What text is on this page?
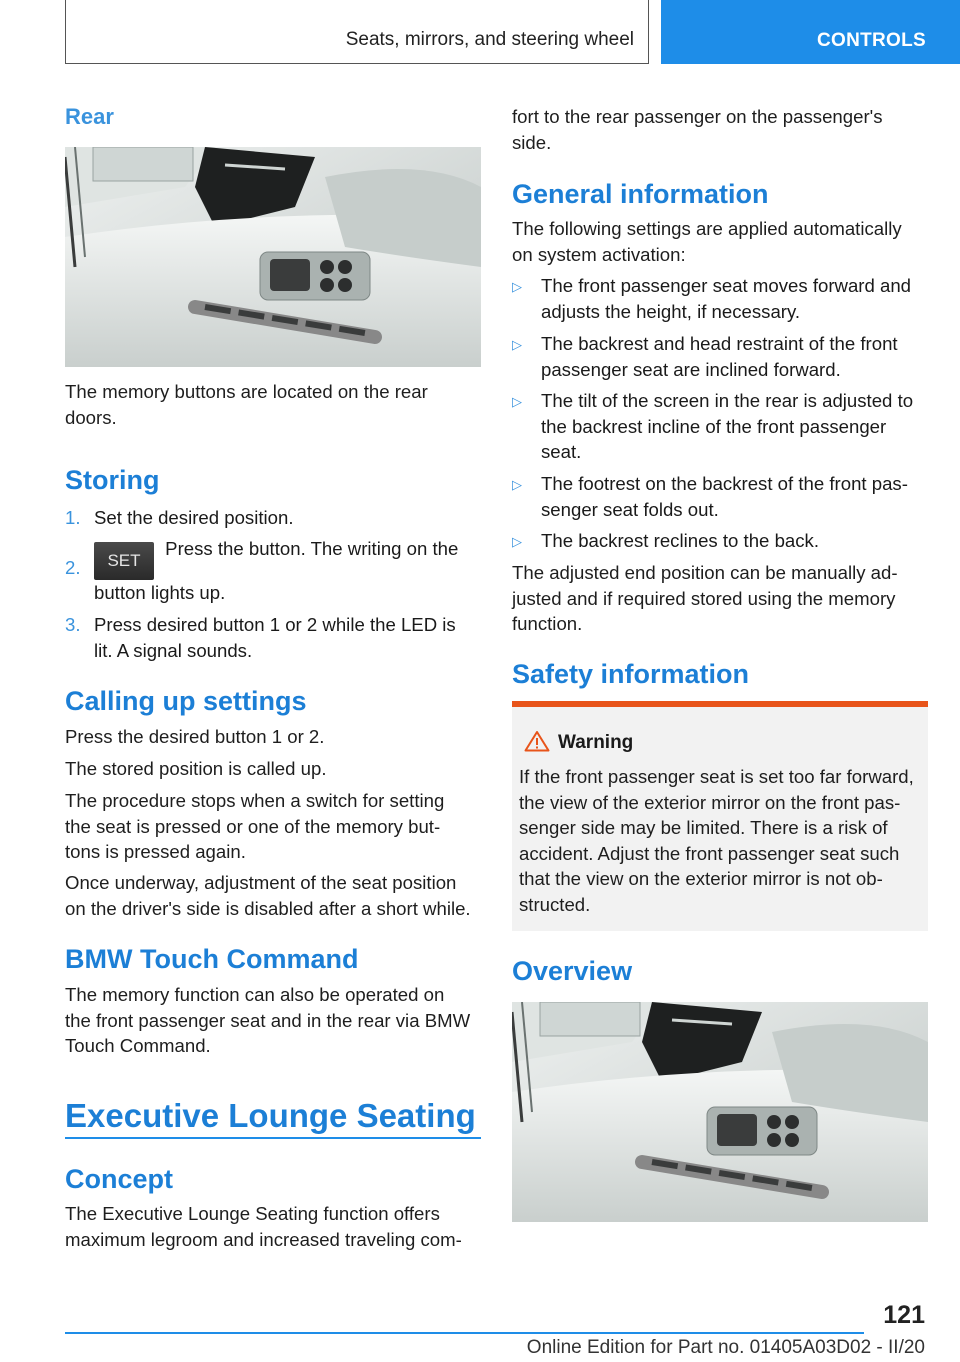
Seats, mirrors, and steering wheel	CONTROLS
Rear

The memory buttons are located on the rear
doors.

Storing
1. Set the desired position.
2.	SET Press the button. The writing on the
button lights up.
3. Press desired button 1 or 2 while the LED is
lit. A signal sounds.
Calling up settings

Press the desired button 1 or 2.

The stored position is called up.

The procedure stops when a switch for setting
the seat is pressed or one of the memory but-
tons is pressed again.

Once underway, adjustment of the seat position
on the driver's side is disabled after a short while.

BMW Touch Command

The memory function can also be operated on
the front passenger seat and in the rear via BMW
Touch Command.

Executive Lounge Seating
Concept

The Executive Lounge Seating function offers
maximum legroom and increased traveling com-

fort to the rear passenger on the passenger's
side.

General information

The following settings are applied automatically
on system activation:

▷ The front passenger seat moves forward and
adjusts the height, if necessary.
▷ The backrest and head restraint of the front
passenger seat are inclined forward.
▷ The tilt of the screen in the rear is adjusted to
the backrest incline of the front passenger
seat.
▷ The footrest on the backrest of the front pas-
senger seat folds out.
▷ The backrest reclines to the back.

The adjusted end position can be manually ad-
justed and if required stored using the memory
function.

Safety information
Overview
Warning
If the front passenger seat is set too far forward,
the view of the exterior mirror on the front pas-
senger side may be limited. There is a risk of
accident. Adjust the front passenger seat such
that the view on the exterior mirror is not ob-
structed.
121
Online Edition for Part no. 01405A03D02 - II/20
